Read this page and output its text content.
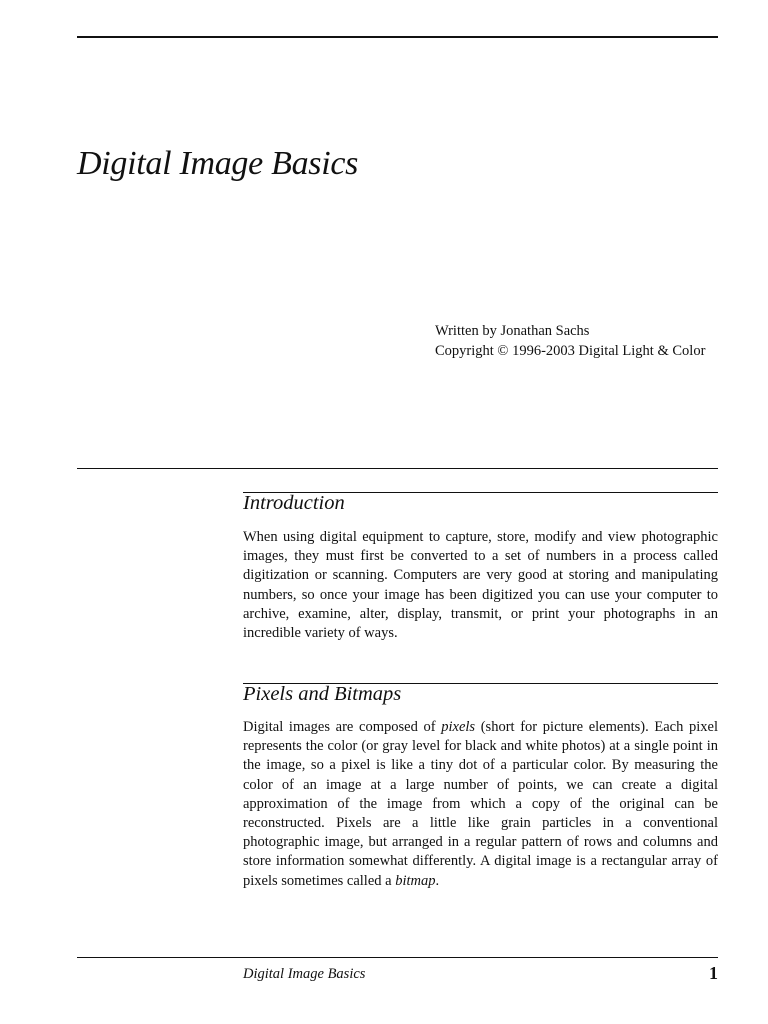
Digital Image Basics
Written by Jonathan Sachs
Copyright © 1996-2003 Digital Light & Color
Introduction

When using digital equipment to capture, store, modify and view photographic images, they must first be converted to a set of numbers in a process called digitization or scanning. Computers are very good at storing and manipulating numbers, so once your image has been digitized you can use your computer to archive, examine, alter, display, transmit, or print your photographs in an incredible variety of ways.

Pixels and Bitmaps

Digital images are composed of pixels (short for picture elements). Each pixel represents the color (or gray level for black and white photos) at a single point in the image, so a pixel is like a tiny dot of a particular color. By measuring the color of an image at a large number of points, we can create a digital approximation of the image from which a copy of the original can be reconstructed. Pixels are a little like grain particles in a conventional photographic image, but arranged in a regular pattern of rows and columns and store information somewhat differently. A digital image is a rectangular array of pixels sometimes called a bitmap.

Digital Image Basics	1
